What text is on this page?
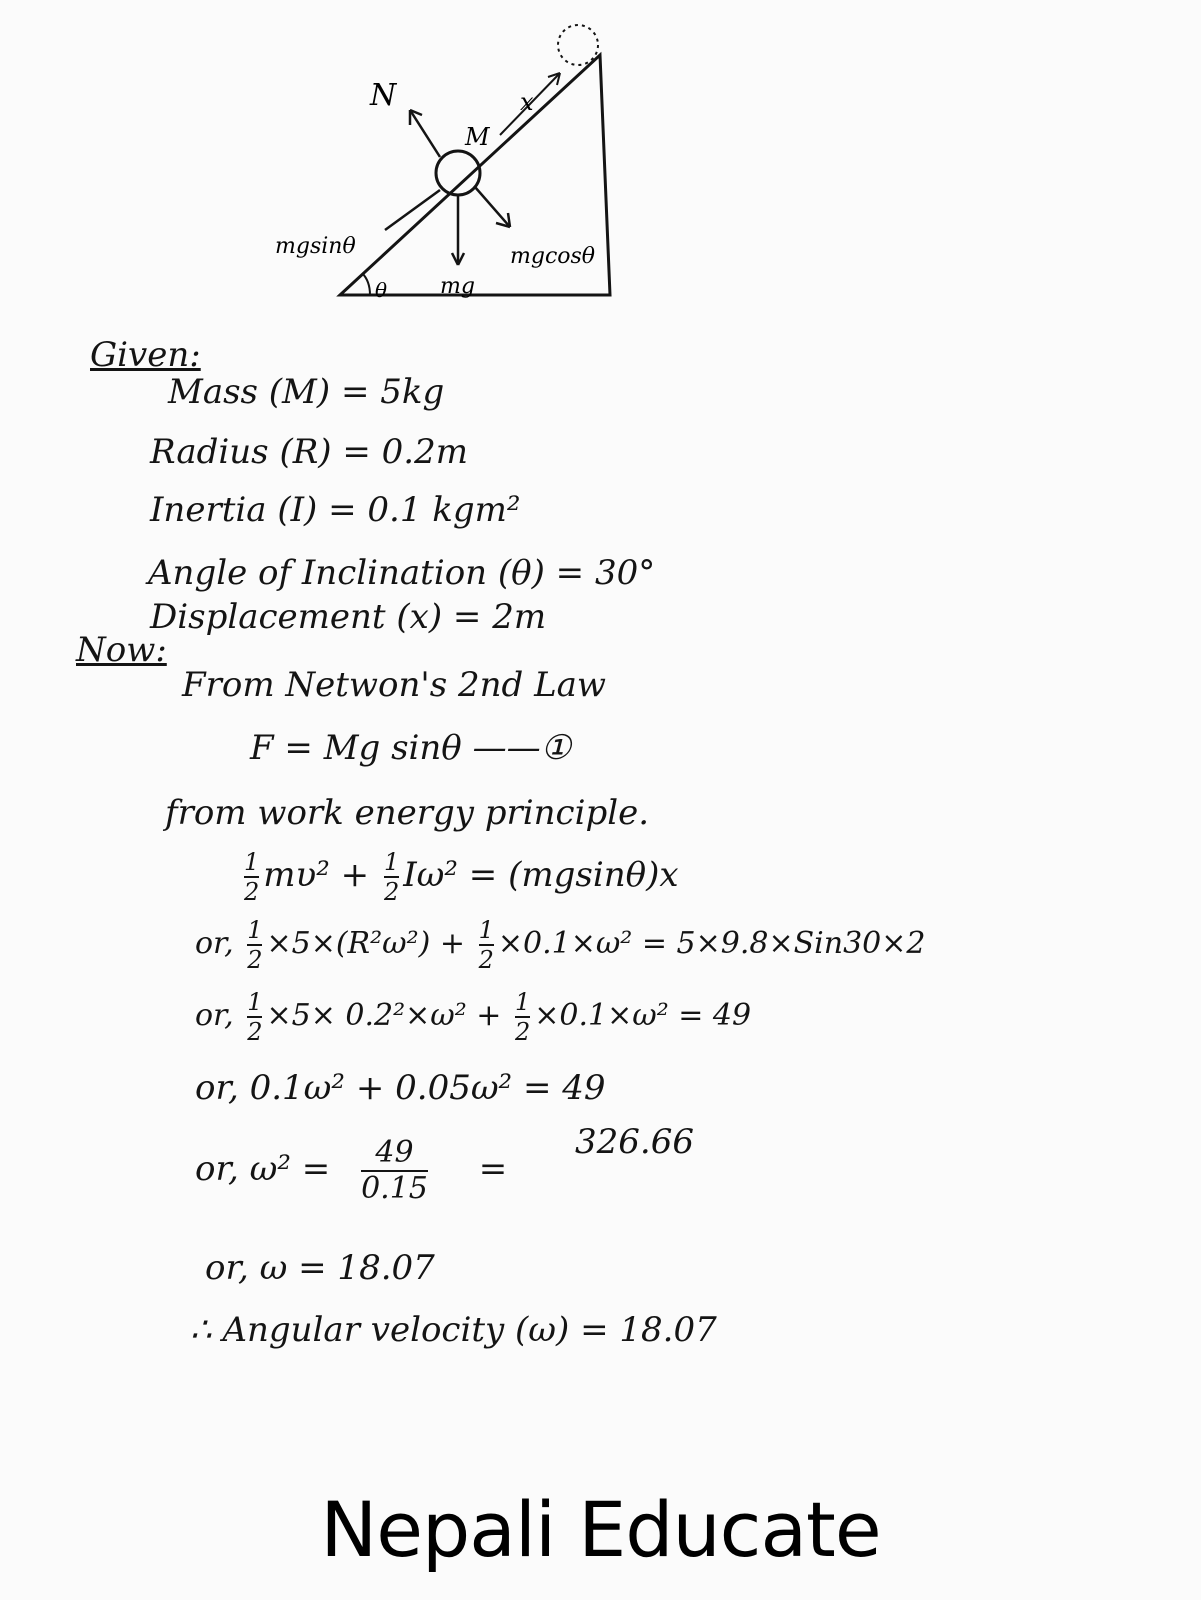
N
M
x
mgsinθ	mgcosθ
mg
θ
Given:
Mass (M) = 5kg
Radius (R) = 0.2m
Inertia (I) = 0.1 kgm²
Angle of Inclination (θ) = 30°
Displacement (x) = 2m
Now:
From Netwon's 2nd Law
F = Mg sinθ ——①
from work energy principle.
$\frac{1}{2} m\upsilon^2 + \frac{1}{2} I\omega^2 = (mgsin\theta)x$
or, $\frac{1}{2} \times 5\times(R^2\omega^2) + \frac{1}{2} \times 0.1\times\omega^2 = 5\times 9.8\times Sin30\times 2$
or, $\frac{1}{2} \times 5\times 0.2^2\times\omega^2 + \frac{1}{2} \times 0.1\times\omega^2 = 49$
or, 0.1ω² + 0.05ω² = 49
or, $\omega^2 = \frac{49}{0.15}$ =
326.66
or, ω = 18.07
∴ Angular velocity (ω) = 18.07
Nepali Educate
